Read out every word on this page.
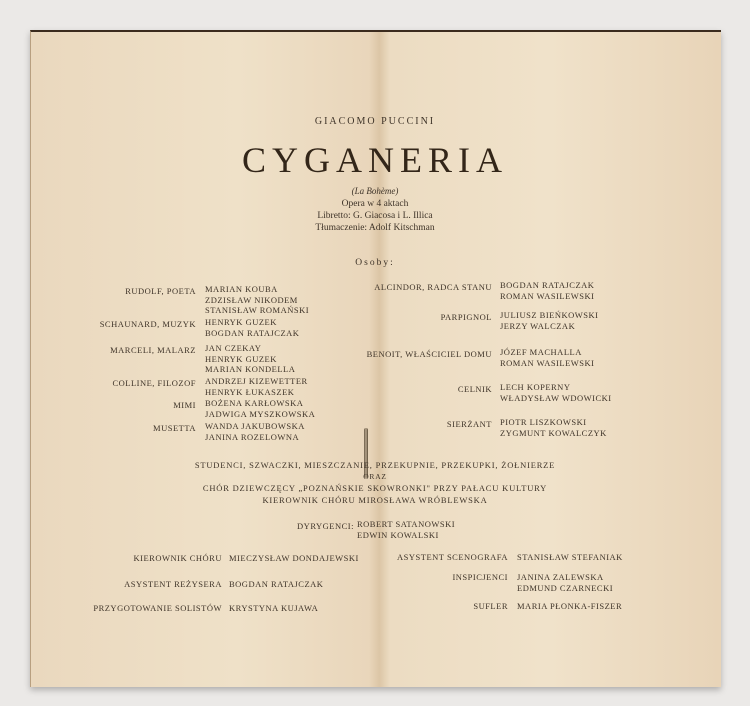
GIACOMO PUCCINI
CYGANERIA
(La Bohème)
Opera w 4 aktach
Libretto: G. Giacosa i L. Illica
Tłumaczenie: Adolf Kitschman
Osoby:
RUDOLF, POETA MARIAN KOUBA
ZDZISŁAW NIKODEM
STANISŁAW ROMAŃSKI
SCHAUNARD, MUZYK HENRYK GUZEK
BOGDAN RATAJCZAK
MARCELI, MALARZ JAN CZEKAY
HENRYK GUZEK
MARIAN KONDELLA
COLLINE, FILOZOF ANDRZEJ KIZEWETTER
HENRYK ŁUKASZEK
MIMI BOŻENA KARŁOWSKA
JADWIGA MYSZKOWSKA
MUSETTA WANDA JAKUBOWSKA
JANINA ROZELOWNA
ALCINDOR, RADCA STANU BOGDAN RATAJCZAK
ROMAN WASILEWSKI
PARPIGNOL JULIUSZ BIEŃKOWSKI
JERZY WALCZAK
BENOIT, WŁAŚCICIEL DOMU JÓZEF MACHALLA
ROMAN WASILEWSKI
CELNIK LECH KOPERNY
WŁADYSŁAW WDOWICKI
SIERŻANT PIOTR LISZKOWSKI
ZYGMUNT KOWALCZYK
STUDENCI, SZWACZKI, MIESZCZANIE, PRZEKUPNIE, PRZEKUPKI, ŻOŁNIERZE
ORAZ
CHÓR DZIEWCZĘCY „POZNAŃSKIE SKOWRONKI" PRZY PAŁACU KULTURY
KIEROWNIK CHÓRU MIROSŁAWA WRÓBLEWSKA
DYRYGENCI: ROBERT SATANOWSKI
EDWIN KOWALSKI
KIEROWNIK CHÓRU MIECZYSŁAW DONDAJEWSKI
ASYSTENT REŻYSERA BOGDAN RATAJCZAK
PRZYGOTOWANIE SOLISTÓW KRYSTYNA KUJAWA
ASYSTENT SCENOGRAFA STANISŁAW STEFANIAK
INSPICJENCI JANINA ZALEWSKA
EDMUND CZARNECKI
SUFLER MARIA PŁONKA-FISZER
